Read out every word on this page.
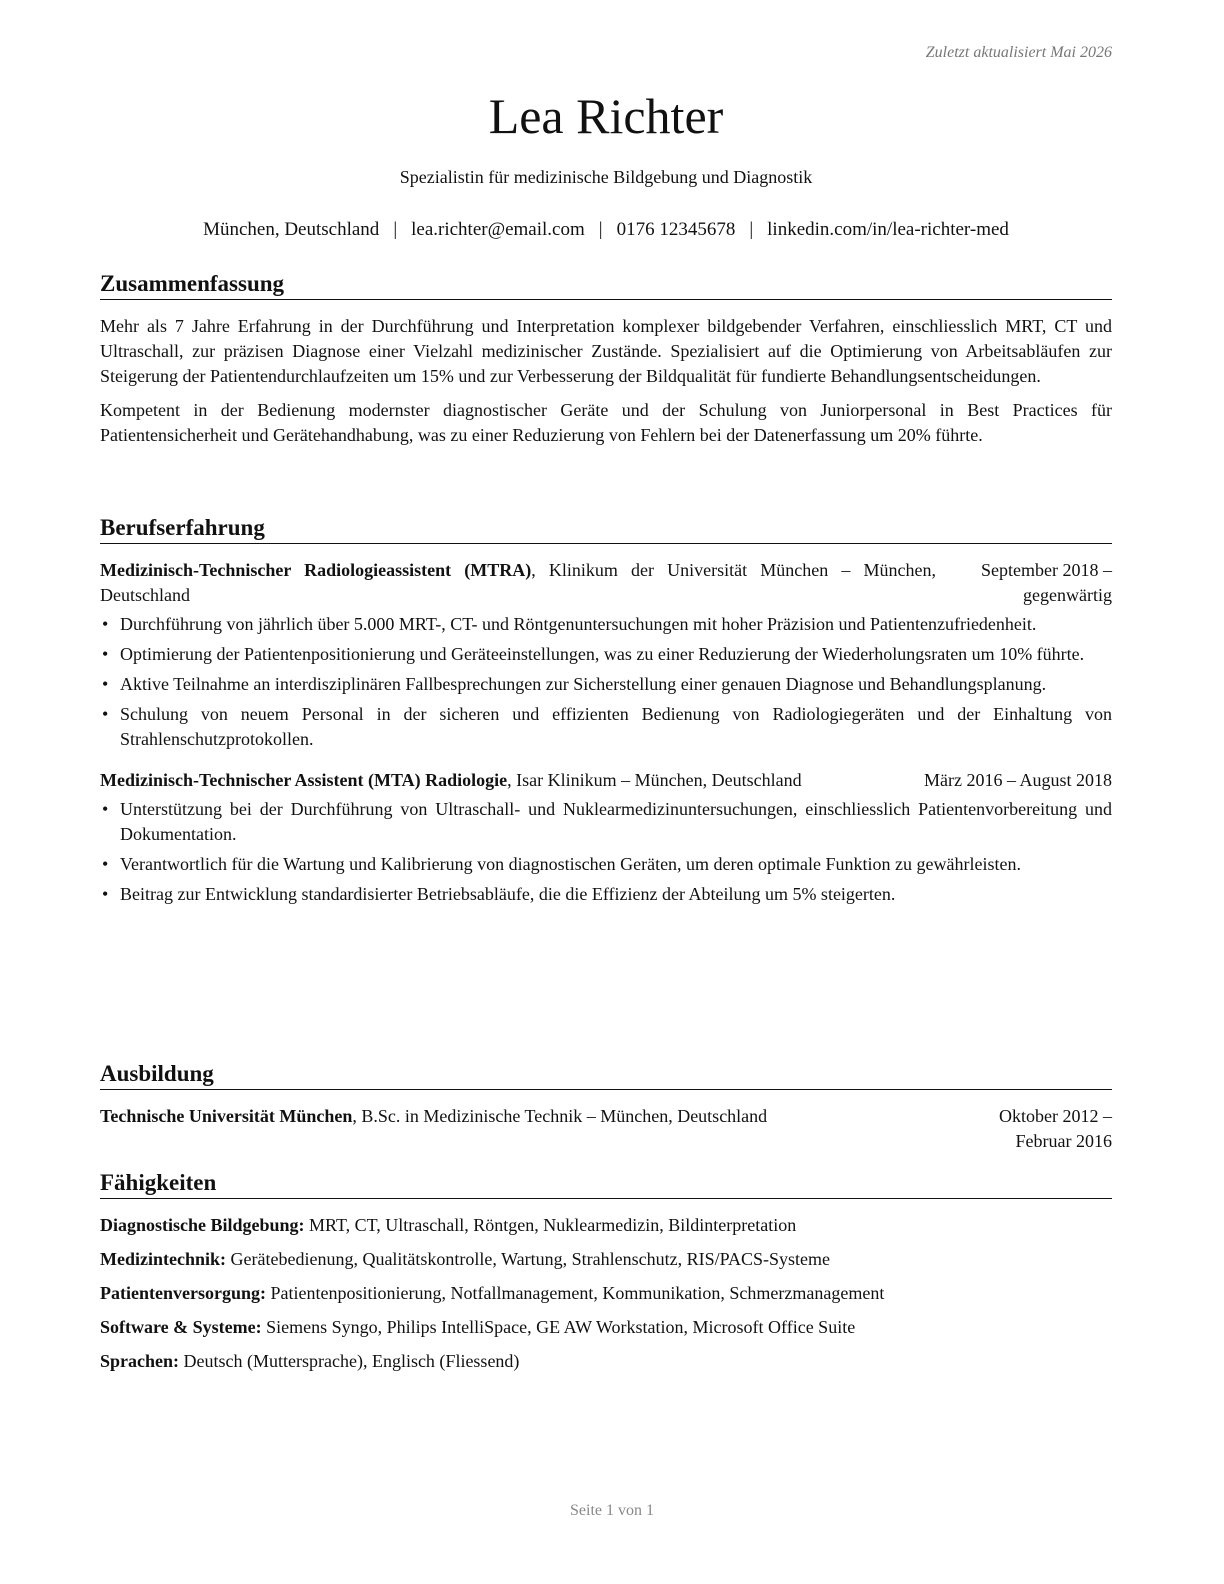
Zuletzt aktualisiert Mai 2026
Lea Richter
Spezialistin für medizinische Bildgebung und Diagnostik
München, Deutschland | lea.richter@email.com | 0176 12345678 | linkedin.com/in/lea-richter-med
Zusammenfassung

Mehr als 7 Jahre Erfahrung in der Durchführung und Interpretation komplexer bildgebender Verfahren, einschliesslich MRT, CT und Ultraschall, zur präzisen Diagnose einer Vielzahl medizinischer Zustände. Spezialisiert auf die Optimierung von Arbeitsabläufen zur Steigerung der Patientendurchlaufzeiten um 15% und zur Verbesserung der Bildqualität für fundierte Behandlungsentscheidungen.

Kompetent in der Bedienung modernster diagnostischer Geräte und der Schulung von Juniorpersonal in Best Practices für Patientensicherheit und Gerätehandhabung, was zu einer Reduzierung von Fehlern bei der Datenerfassung um 20% führte.

Berufserfahrung
Medizinisch-Technischer Radiologieassistent (MTRA), Klinikum der Universität München – München, Deutschland
September 2018 – gegenwärtig
• Durchführung von jährlich über 5.000 MRT-, CT- und Röntgenuntersuchungen mit hoher Präzision und Patientenzufriedenheit.
• Optimierung der Patientenpositionierung und Geräteeinstellungen, was zu einer Reduzierung der Wiederholungsraten um 10% führte.
• Aktive Teilnahme an interdisziplinären Fallbesprechungen zur Sicherstellung einer genauen Diagnose und Behandlungsplanung.
• Schulung von neuem Personal in der sicheren und effizienten Bedienung von Radiologiegeräten und der Einhaltung von Strahlenschutzprotokollen.
Medizinisch-Technischer Assistent (MTA) Radiologie, Isar Klinikum – München, Deutschland	März 2016 – August 2018
• Unterstützung bei der Durchführung von Ultraschall- und Nuklearmedizinuntersuchungen, einschliesslich Patientenvorbereitung und Dokumentation.
• Verantwortlich für die Wartung und Kalibrierung von diagnostischen Geräten, um deren optimale Funktion zu gewährleisten.
• Beitrag zur Entwicklung standardisierter Betriebsabläufe, die die Effizienz der Abteilung um 5% steigerten.
Ausbildung
Technische Universität München, B.Sc. in Medizinische Technik – München, Deutschland	Oktober 2012 – Februar 2016
Fähigkeiten
Diagnostische Bildgebung: MRT, CT, Ultraschall, Röntgen, Nuklearmedizin, Bildinterpretation
Medizintechnik: Gerätebedienung, Qualitätskontrolle, Wartung, Strahlenschutz, RIS/PACS-Systeme
Patientenversorgung: Patientenpositionierung, Notfallmanagement, Kommunikation, Schmerzmanagement
Software & Systeme: Siemens Syngo, Philips IntelliSpace, GE AW Workstation, Microsoft Office Suite
Sprachen: Deutsch (Muttersprache), Englisch (Fliessend)
Seite 1 von 1
